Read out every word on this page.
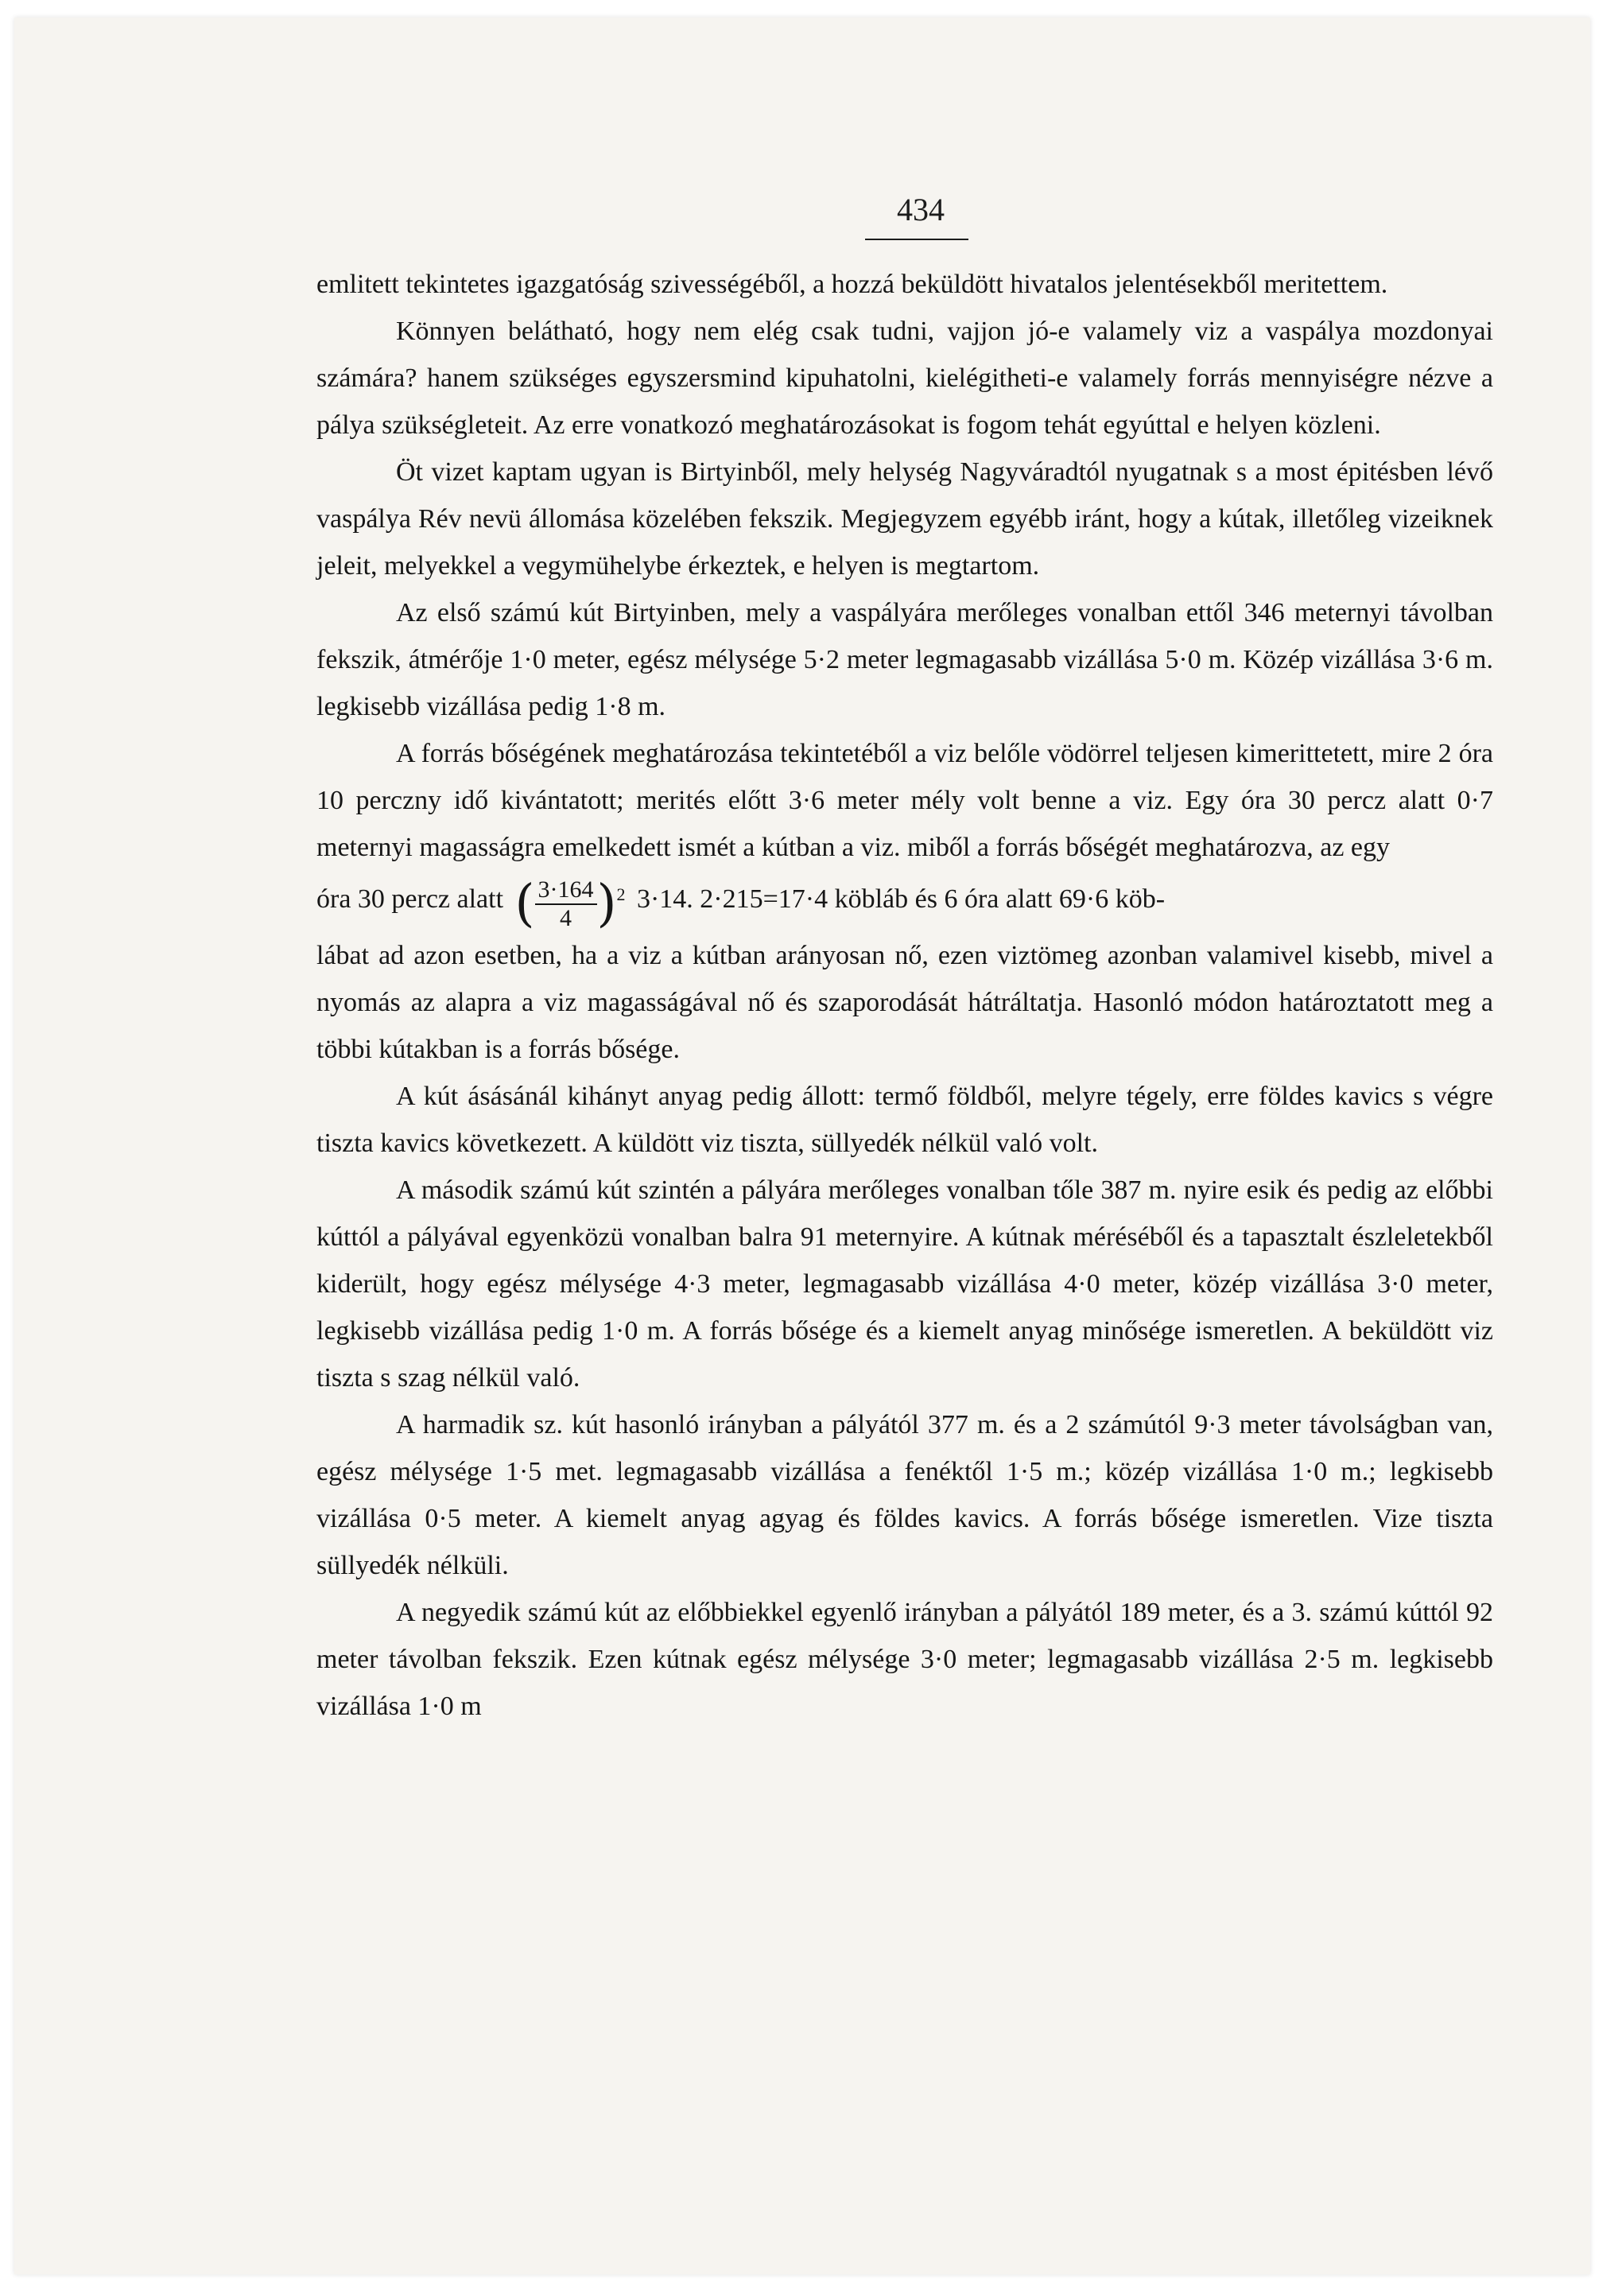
434

emlitett tekintetes igazgatóság szivességéből, a hozzá beküldött hivatalos jelentésekből meritettem.

Könnyen belátható, hogy nem elég csak tudni, vajjon jó-e valamely viz a vaspálya mozdonyai számára? hanem szükséges egyszersmind kipuhatolni, kielégitheti-e valamely forrás mennyiségre nézve a pálya szükségleteit. Az erre vonatkozó meghatározásokat is fogom tehát egyúttal e helyen közleni.

Öt vizet kaptam ugyan is Birtyinből, mely helység Nagyváradtól nyugatnak s a most épitésben lévő vaspálya Rév nevü állomása közelében fekszik. Megjegyzem egyébb iránt, hogy a kútak, illetőleg vizeiknek jeleit, melyekkel a vegymühelybe érkeztek, e helyen is megtartom.

Az első számú kút Birtyinben, mely a vaspályára merőleges vonalban ettől 346 meternyi távolban fekszik, átmérője 1·0 meter, egész mélysége 5·2 meter legmagasabb vizállása 5·0 m. Közép vizállása 3·6 m. legkisebb vizállása pedig 1·8 m.

A forrás bőségének meghatározása tekintetéből a viz belőle vödörrel teljesen kimerittetett, mire 2 óra 10 perczny idő kivántatott; merités előtt 3·6 meter mély volt benne a viz. Egy óra 30 percz alatt 0·7 meternyi magasságra emelkedett ismét a kútban a viz. miből a forrás bőségét meghatározva, az egy

óra 30 percz alatt ( $\frac{3\cdot 164}{4} )^2$ 3·14. 2·215=17·4 köbláb és 6 óra alatt 69·6 köb-

lábat ad azon esetben, ha a viz a kútban arányosan nő, ezen viztömeg azonban valamivel kisebb, mivel a nyomás az alapra a viz magasságával nő és szaporodását hátráltatja. Hasonló módon határoztatott meg a többi kútakban is a forrás bősége.

A kút ásásánál kihányt anyag pedig állott: termő földből, melyre tégely, erre földes kavics s végre tiszta kavics következett. A küldött viz tiszta, süllyedék nélkül való volt.

A második számú kút szintén a pályára merőleges vonalban tőle 387 m. nyire esik és pedig az előbbi kúttól a pályával egyenközü vonalban balra 91 meternyire. A kútnak méréséből és a tapasztalt észleletekből kiderült, hogy egész mélysége 4·3 meter, legmagasabb vizállása 4·0 meter, közép vizállása 3·0 meter, legkisebb vizállása pedig 1·0 m. A forrás bősége és a kiemelt anyag minősége ismeretlen. A beküldött viz tiszta s szag nélkül való.

A harmadik sz. kút hasonló irányban a pályától 377 m. és a 2 számútól 9·3 meter távolságban van, egész mélysége 1·5 met. legmagasabb vizállása a fenéktől 1·5 m.; közép vizállása 1·0 m.; legkisebb vizállása 0·5 meter. A kiemelt anyag agyag és földes kavics. A forrás bősége ismeretlen. Vize tiszta süllyedék nélküli.

A negyedik számú kút az előbbiekkel egyenlő irányban a pályától 189 meter, és a 3. számú kúttól 92 meter távolban fekszik. Ezen kútnak egész mélysége 3·0 meter; legmagasabb vizállása 2·5 m. legkisebb vizállása 1·0 m
